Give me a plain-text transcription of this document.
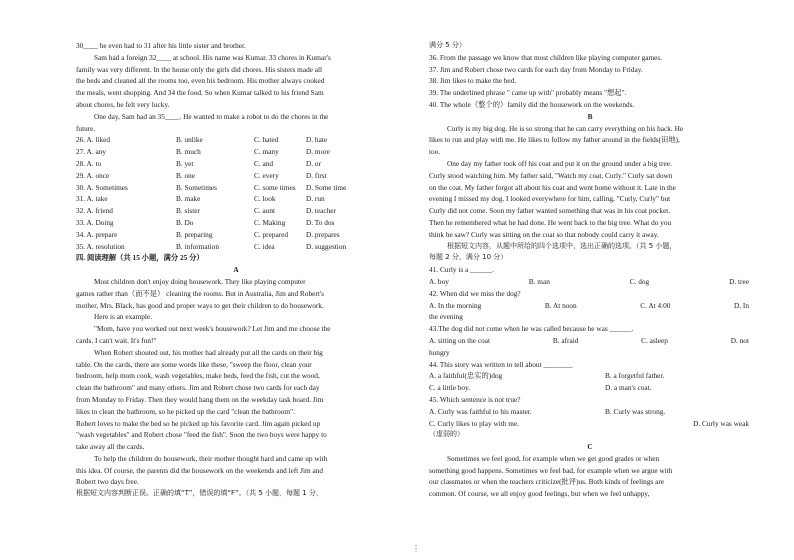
30____ he even had to 31 after his little sister and brother.
Sam had a foreign 32____ at school. His name was Kumar. 33 chores in Kumar's
family was very different. In the house only the girls did chores. His sisters made all
the beds and cleaned all the rooms too, even his bedroom. His mother always cooked
the meals, went shopping. And 34 the food. So when Kumar talked to his friend Sam
about chores, he felt very lucky.
One day, Sam had an 35____. He wanted to make a robot to do the chores in the
future.
26. A. liked	B. unlike	C. hated	D. hate
27. A. any	B. much	C. many	D. more
28. A. to	B. yet	C. and	D. or
29. A. once	B. one	C. every	D. first
30. A. Sometimes	B. Sometimes	C. some times	D. Some time
31. A. take	B. make	C. look	D. run
32. A. friend	B. sister	C. aunt	D. teacher
33. A. Doing	B. Do	C. Making	D. To dos
34. A. prepare	B. preparing	C. prepared	D. prepares
35. A. resolution	B. information	C. idea	D. suggestion
四. 阅读理解（共 15 小题，满分 25 分）
A
Most children don't enjoy doing housework. They like playing computer
games rather than（而不是） cleaning the rooms. But in Australia, Jim and Robert's
mother, Mrs. Black, has good and proper ways to get their children to do housework.
Here is an example.
"Mom, have you worked out next week's housework? Let Jim and me choose the
cards. I can't wait. It's fun!"
When Robert shouted out, his mother had already put all the cards on their big
table. On the cards, there are some words like these, "sweep the floor, clean your
bedroom, help mom cook, wash vegetables, make beds, feed the fish, cut the wood,
clean the bathroom" and many others. Jim and Robert chose two cards for each day
from Monday to Friday. Then they would hang them on the weekday task board. Jim
likes to clean the bathroom, so he picked up the card "clean the bathroom".
Robert loves to make the bed so he picked up his favorite card. Jim again picked up
"wash vegetables" and Robert chose "feed the fish". Soon the two boys were happy to
take away all the cards.
To help the children do housework, their mother thought hard and came up with
this idea. Of course, the parents did the housework on the weekends and left Jim and
Robert two days free.
根据短文内容判断正误。正确的填“T”，错误的填“F”。（共 5 小题，每题 1 分，
满分 5 分）
36. From the passage we know that most children like playing computer games.
37. Jim and Robert chose two cards for each day from Monday to Friday.
38. Jim likes to make the bed.
39. The underlined phrase " came up with" probably means "想起".
40. The whole（整个的）family did the housework on the weekends.
B
Curly is my big dog. He is so strong that he can carry everything on his back. He
likes to run and play with me. He likes to follow my father around in the fields(田地),
too.
One day my father took off his coat and put it on the ground under a big tree.
Curly stood watching him. My father said, "Watch my coat, Curly." Curly sat down
on the coat. My father forgot all about his coat and went home without it. Late in the
evening I missed my dog. I looked everywhere for him, calling, "Curly, Curly" but
Curly did not come. Soon my father wanted something that was in his coat pocket.
Then he remembered what he had done. He went back to the big tree. What do you
think he saw? Curly was sitting on the coat so that nobody could carry it away.
根据短文内容，从题中所给的四个选项中，选出正确的选项。（共 5 小题，
每题 2 分，满分 10 分）
41. Curly is a ______.
A. boy	B. man	C. dog	D. tree
42. When did we miss the dog?
A. In the morning	B. At noon	C. At 4:00	D. In
the evening
43.The dog did not come when he was called because he was ______.
A. sitting on the coat	B. afraid	C. asleep	D. not
hungry
44. This story was written to tell about ________
A. a faithful(忠实的)dog	B. a forgetful father.
C. a little boy.	D. a man's coat.
45. Which sentence is not true?
A. Curly was faithful to his master.	B. Curly was strong.
C. Curly likes to play with me.	D. Curly was weak
（虚弱的）
C
Sometimes we feel good, for example when we get good grades or when
something good happens. Sometimes we feel bad, for example when we argue with
our classmates or when the teachers criticize(批评)us. Both kinds of feelings are
common. Of course, we all enjoy good feelings, but when we feel unhappy,
⋮
